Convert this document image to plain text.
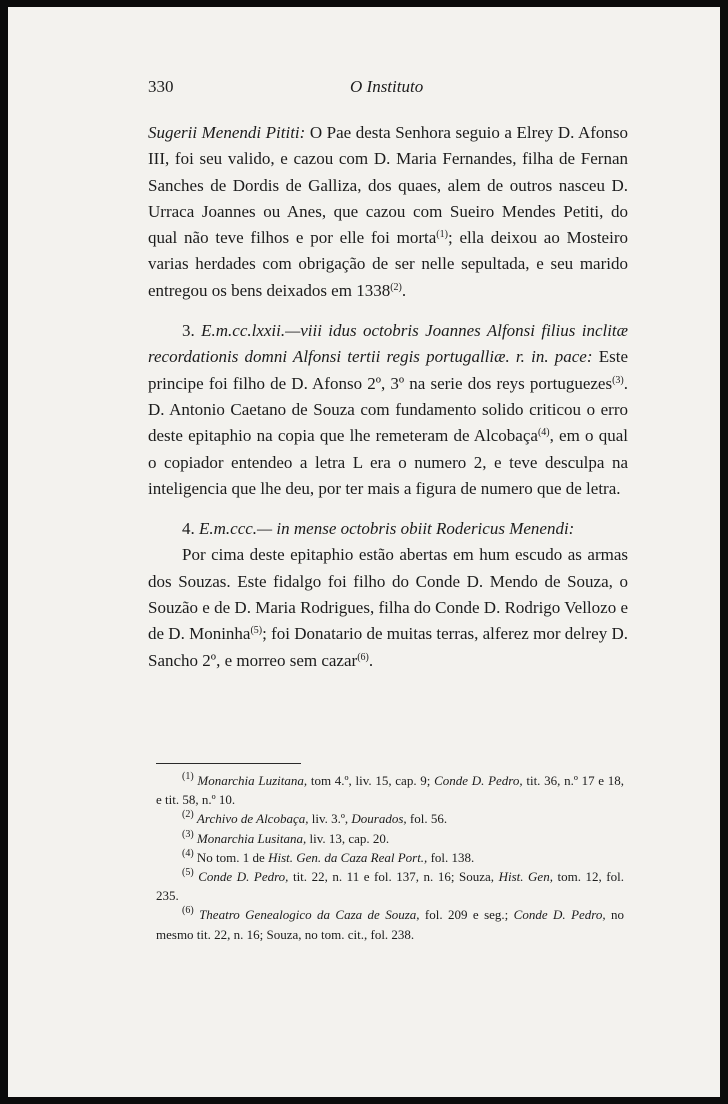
330	O Instituto

Sugerii Menendi Pititi: O Pae desta Senhora seguio a Elrey D. Afonso III, foi seu valido, e cazou com D. Maria Fernandes, filha de Fernan Sanches de Dordis de Galliza, dos quaes, alem de outros nasceu D. Urraca Joannes ou Anes, que cazou com Sueiro Mendes Petiti, do qual não teve filhos e por elle foi morta$^{(1)}$; ella deixou ao Mosteiro varias herdades com obrigação de ser nelle sepultada, e seu marido entregou os bens deixados em 1338$^{(2)}$.

3. E.m.cc.lxxii.—viii idus octobris Joannes Alfonsi filius inclitæ recordationis domni Alfonsi tertii regis portugalliæ. r. in. pace: Este principe foi filho de D. Afonso 2º, 3º na serie dos reys portuguezes$^{(3)}$. D. Antonio Caetano de Souza com fundamento solido criticou o erro deste epitaphio na copia que lhe remeteram de Alcobaça$^{(4)}$, em o qual o copiador entendeo a letra L era o numero 2, e teve desculpa na inteligencia que lhe deu, por ter mais a figura de numero que de letra.

4. E.m.ccc.— in mense octobris obiit Rodericus Menendi:

Por cima deste epitaphio estão abertas em hum escudo as armas dos Souzas. Este fidalgo foi filho do Conde D. Mendo de Souza, o Souzão e de D. Maria Rodrigues, filha do Conde D. Rodrigo Vellozo e de D. Moninha$^{(5)}$; foi Donatario de muitas terras, alferez mor delrey D. Sancho 2º, e morreo sem cazar$^{(6)}$.

$^{(1)}$ Monarchia Luzitana, tom 4.º, liv. 15, cap. 9; Conde D. Pedro, tit. 36, n.º 17 e 18, e tit. 58, n.º 10.

$^{(2)}$ Archivo de Alcobaça, liv. 3.º, Dourados, fol. 56.

$^{(3)}$ Monarchia Lusitana, liv. 13, cap. 20.

$^{(4)}$ No tom. 1 de Hist. Gen. da Caza Real Port., fol. 138.

$^{(5)}$ Conde D. Pedro, tit. 22, n. 11 e fol. 137, n. 16; Souza, Hist. Gen, tom. 12, fol. 235.

$^{(6)}$ Theatro Genealogico da Caza de Souza, fol. 209 e seg.; Conde D. Pedro, no mesmo tit. 22, n. 16; Souza, no tom. cit., fol. 238.
